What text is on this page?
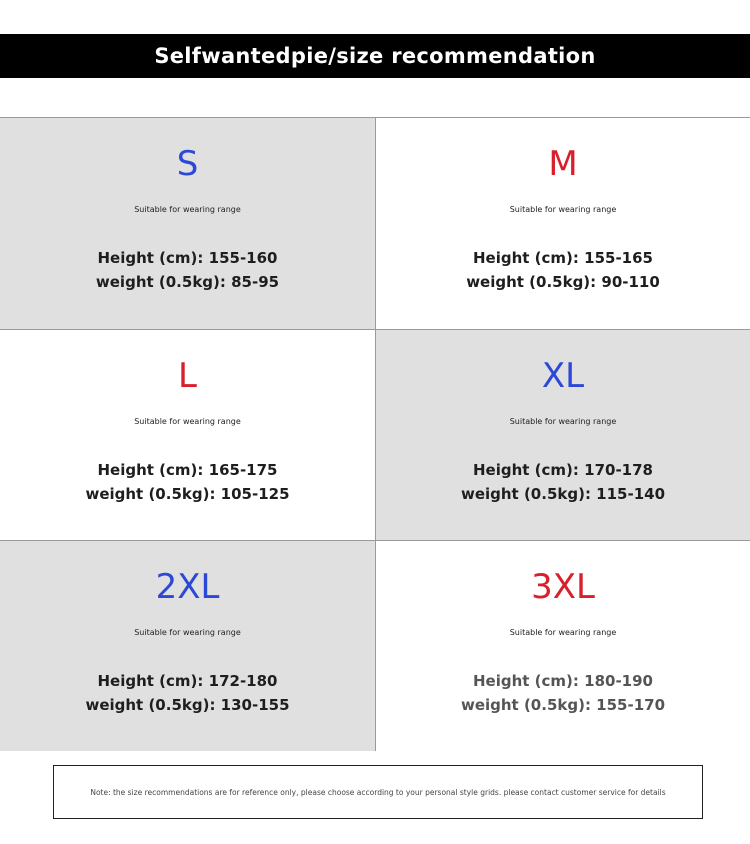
Selfwantedpie/size recommendation
S
Suitable for wearing range
Height (cm): 155-160
weight (0.5kg): 85-95
M
Suitable for wearing range
Height (cm): 155-165
weight (0.5kg): 90-110
L
Suitable for wearing range
Height (cm): 165-175
weight (0.5kg): 105-125
XL
Suitable for wearing range
Height (cm): 170-178
weight (0.5kg): 115-140
2XL
Suitable for wearing range
Height (cm): 172-180
weight (0.5kg): 130-155
3XL
Suitable for wearing range
Height (cm): 180-190
weight (0.5kg): 155-170
Note: the size recommendations are for reference only, please choose according to your personal style grids. please contact customer service for details
